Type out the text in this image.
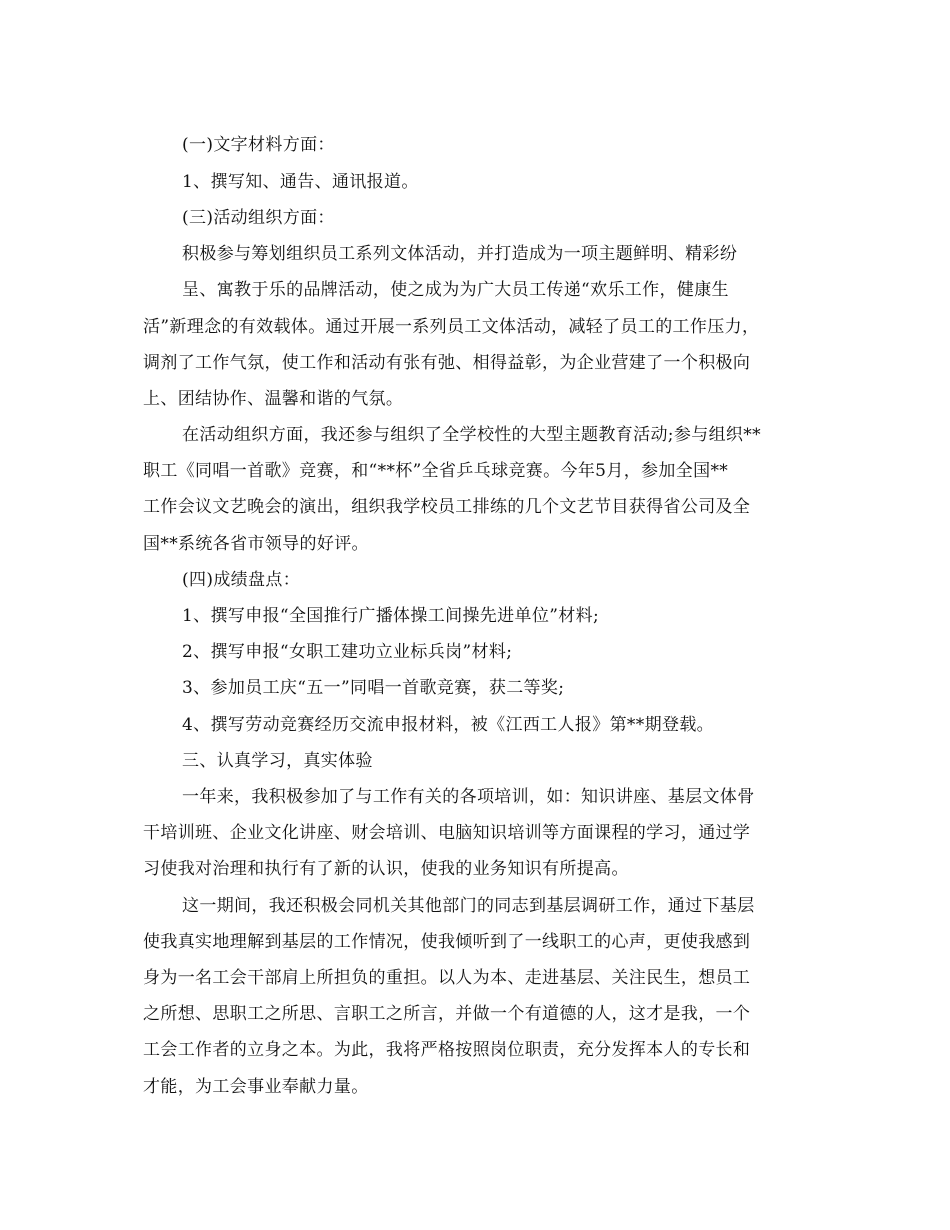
(一)文字材料方面：
1、撰写知、通告、通讯报道。
(三)活动组织方面：
积极参与筹划组织员工系列文体活动，并打造成为一项主题鲜明、精彩纷
呈、寓教于乐的品牌活动，使之成为为广大员工传递“欢乐工作，健康生
活”新理念的有效载体。通过开展一系列员工文体活动，减轻了员工的工作压力，
调剂了工作气氛，使工作和活动有张有弛、相得益彰，为企业营建了一个积极向
上、团结协作、温馨和谐的气氛。
在活动组织方面，我还参与组织了全学校性的大型主题教育活动;参与组织**
职工《同唱一首歌》竞赛，和“**杯”全省乒乓球竞赛。今年5月，参加全国**
工作会议文艺晚会的演出，组织我学校员工排练的几个文艺节目获得省公司及全
国**系统各省市领导的好评。
(四)成绩盘点：
1、撰写申报“全国推行广播体操工间操先进单位”材料;
2、撰写申报“女职工建功立业标兵岗”材料;
3、参加员工庆“五一”同唱一首歌竞赛，获二等奖;
4、撰写劳动竞赛经历交流申报材料，被《江西工人报》第**期登载。
三、认真学习，真实体验
一年来，我积极参加了与工作有关的各项培训，如：知识讲座、基层文体骨
干培训班、企业文化讲座、财会培训、电脑知识培训等方面课程的学习，通过学
习使我对治理和执行有了新的认识，使我的业务知识有所提高。
这一期间，我还积极会同机关其他部门的同志到基层调研工作，通过下基层
使我真实地理解到基层的工作情况，使我倾听到了一线职工的心声，更使我感到
身为一名工会干部肩上所担负的重担。以人为本、走进基层、关注民生，想员工
之所想、思职工之所思、言职工之所言，并做一个有道德的人，这才是我，一个
工会工作者的立身之本。为此，我将严格按照岗位职责，充分发挥本人的专长和
才能，为工会事业奉献力量。
